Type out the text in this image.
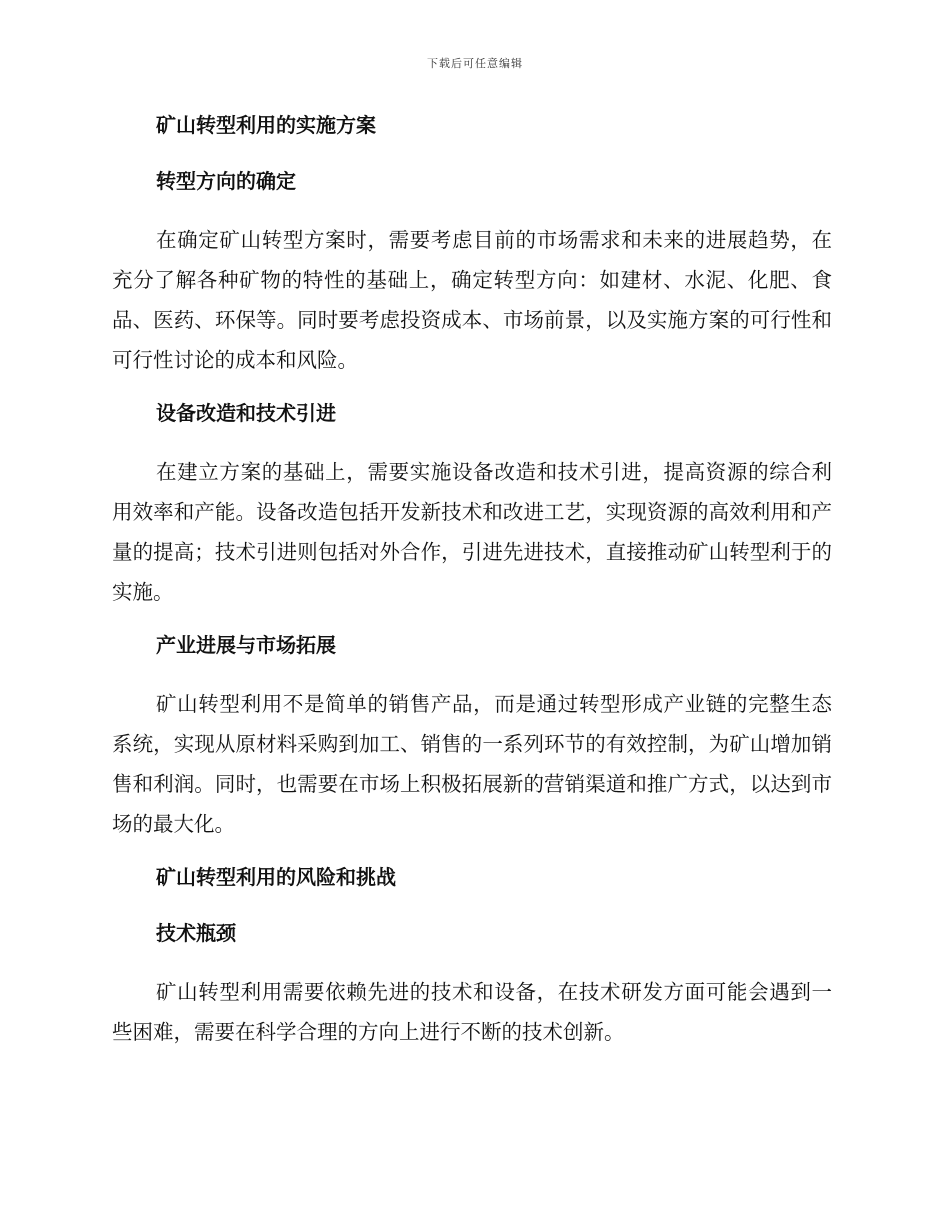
下载后可任意编辑
矿山转型利用的实施方案
转型方向的确定

在确定矿山转型方案时，需要考虑目前的市场需求和未来的进展趋势，在充分了解各种矿物的特性的基础上，确定转型方向：如建材、水泥、化肥、食品、医药、环保等。同时要考虑投资成本、市场前景，以及实施方案的可行性和可行性讨论的成本和风险。

设备改造和技术引进

在建立方案的基础上，需要实施设备改造和技术引进，提高资源的综合利用效率和产能。设备改造包括开发新技术和改进工艺，实现资源的高效利用和产量的提高；技术引进则包括对外合作，引进先进技术，直接推动矿山转型利于的实施。

产业进展与市场拓展

矿山转型利用不是简单的销售产品，而是通过转型形成产业链的完整生态系统，实现从原材料采购到加工、销售的一系列环节的有效控制，为矿山增加销售和利润。同时，也需要在市场上积极拓展新的营销渠道和推广方式，以达到市场的最大化。

矿山转型利用的风险和挑战
技术瓶颈

矿山转型利用需要依赖先进的技术和设备，在技术研发方面可能会遇到一些困难，需要在科学合理的方向上进行不断的技术创新。
